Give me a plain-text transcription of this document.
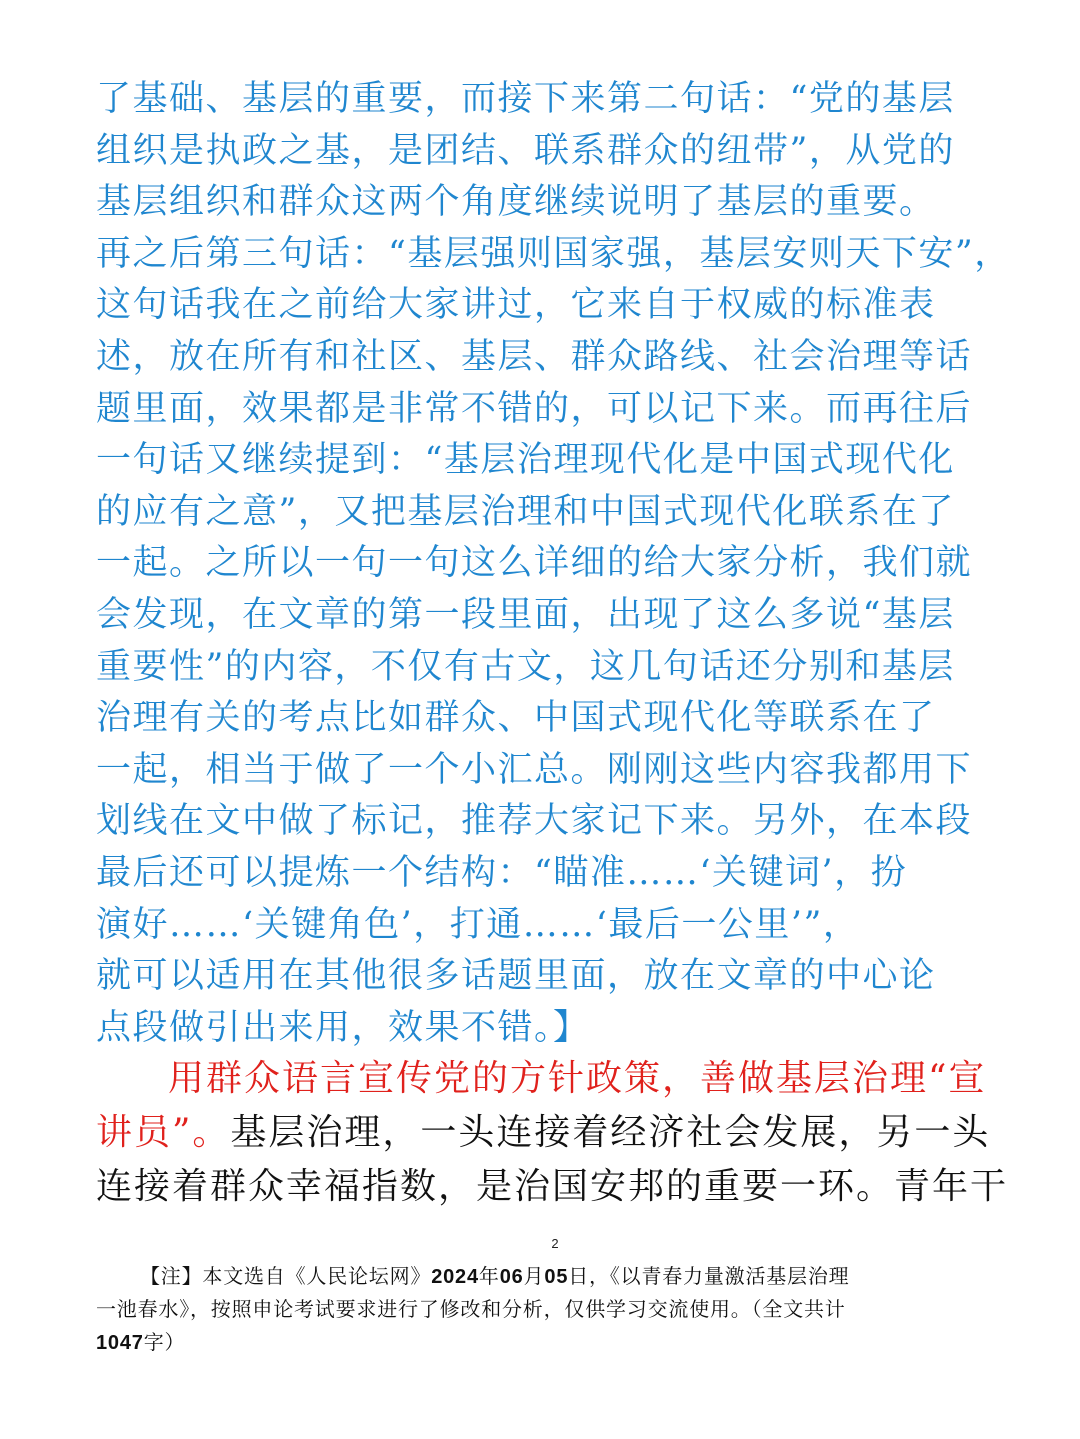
了基础、基层的重要，而接下来第二句话：“党的基层
组织是执政之基，是团结、联系群众的纽带”，从党的
基层组织和群众这两个角度继续说明了基层的重要。
再之后第三句话：“基层强则国家强，基层安则天下安”，
这句话我在之前给大家讲过，它来自于权威的标准表
述，放在所有和社区、基层、群众路线、社会治理等话
题里面，效果都是非常不错的，可以记下来。而再往后
一句话又继续提到：“基层治理现代化是中国式现代化
的应有之意”，又把基层治理和中国式现代化联系在了
一起。之所以一句一句这么详细的给大家分析，我们就
会发现，在文章的第一段里面，出现了这么多说“基层
重要性”的内容，不仅有古文，这几句话还分别和基层
治理有关的考点比如群众、中国式现代化等联系在了
一起，相当于做了一个小汇总。刚刚这些内容我都用下
划线在文中做了标记，推荐大家记下来。另外，在本段
最后还可以提炼一个结构：“瞄准……‘关键词’，扮
演好……‘关键角色’，打通……‘最后一公里’”，
就可以适用在其他很多话题里面，放在文章的中心论
点段做引出来用，效果不错。】
用群众语言宣传党的方针政策，善做基层治理“宣
讲员”。基层治理，一头连接着经济社会发展，另一头
连接着群众幸福指数，是治国安邦的重要一环。青年干
2
【注】本文选自《人民论坛网》2024年06月05日，《以青春力量激活基层治理
一池春水》，按照申论考试要求进行了修改和分析，仅供学习交流使用。（全文共计
1047字）
